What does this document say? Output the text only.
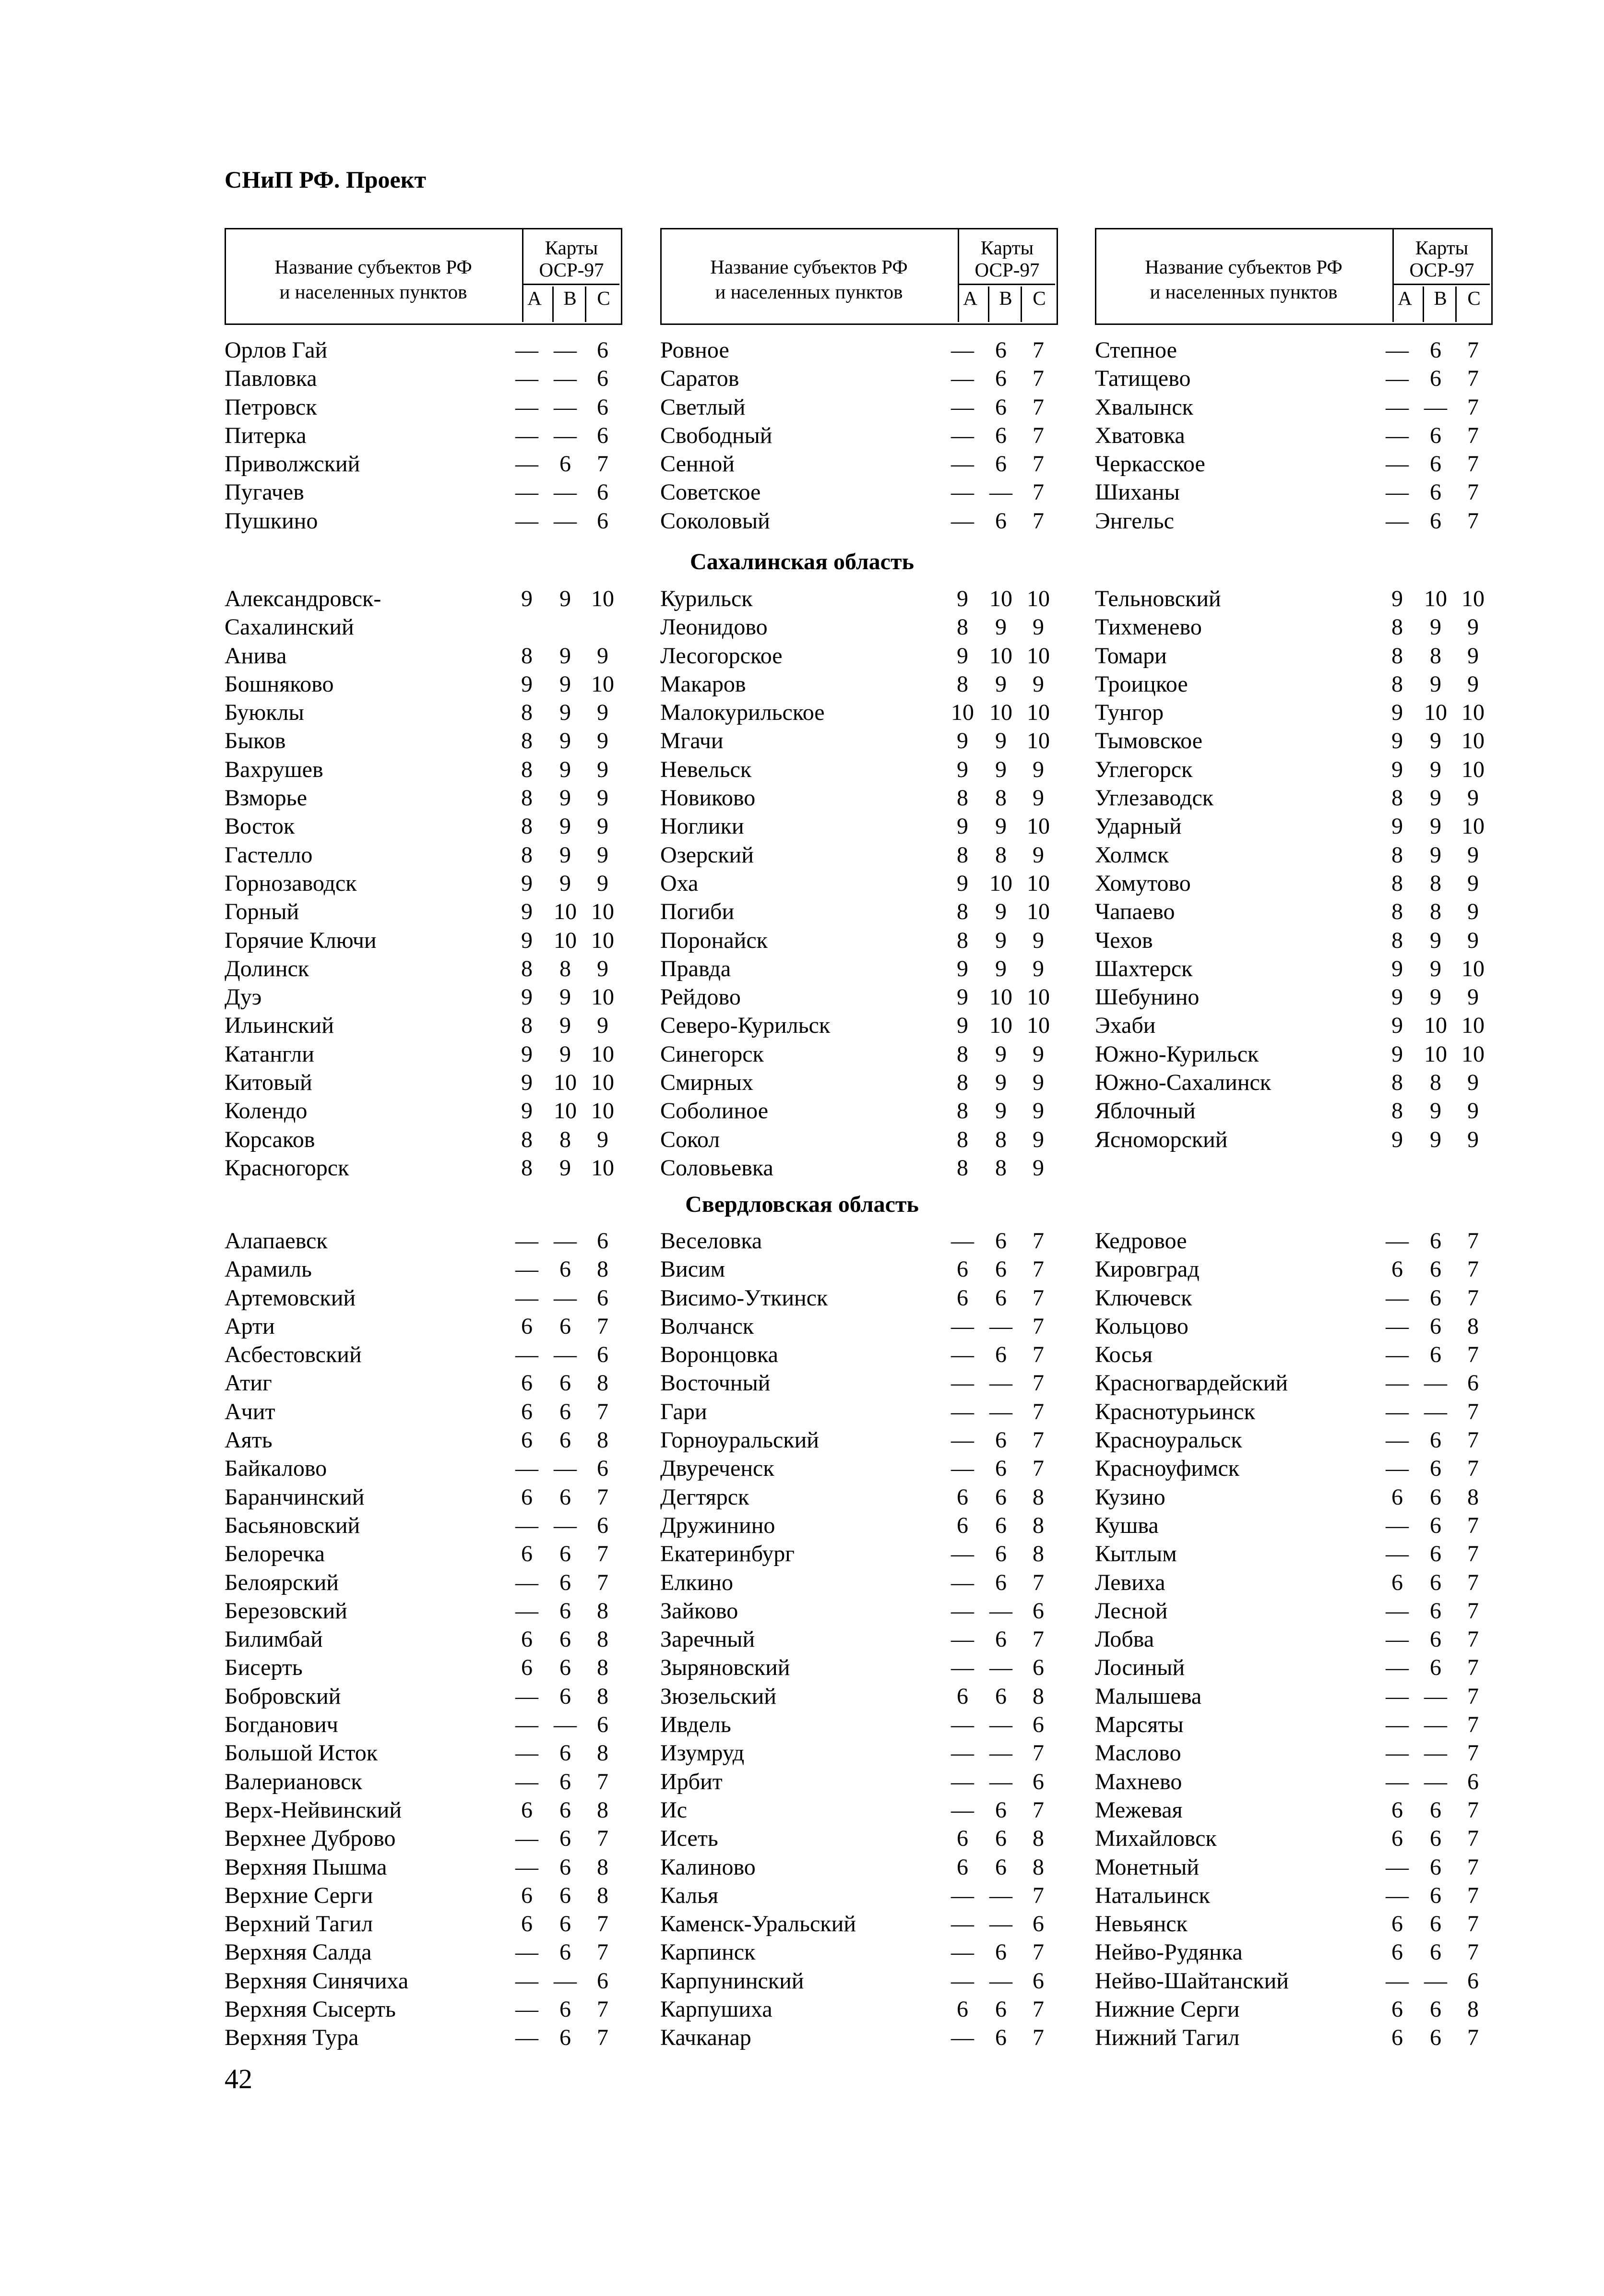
СНиП РФ. Проект
Название субъектов РФ
и населенных пунктов
Карты
ОСР-97
A B C
Название субъектов РФ
и населенных пунктов
Карты
ОСР-97
A B C
Название субъектов РФ
и населенных пунктов
Карты
ОСР-97
A B C
Орлов Гай	— — 6
Павловка	— — 6
Петровск	— — 6
Питерка	— — 6
Приволжский	— 6	7
Пугачев	— — 6
Пушкино	— — 6
Ровное	— 6	7
Саратов	— 6	7
Светлый	— 6	7
Свободный	— 6	7
Сенной	— 6	7
Советское	— — 7
Соколовый	— 6	7
Степное	— 6	7
Татищево	— 6	7
Хвалынск	— — 7
Хватовка	— 6	7
Черкасское	— 6	7
Шиханы	— 6	7
Энгельс	— 6	7
Сахалинская область
Александровск-	9	9 10
Сахалинский
Анива	8	9	9
Бошняково	9	9 10
Буюклы	8	9	9
Быков	8	9	9
Вахрушев	8	9	9
Взморье	8	9	9
Восток	8	9	9
Гастелло	8	9	9
Горнозаводск	9	9	9
Горный	9 10 10
Горячие Ключи	9 10 10
Долинск	8	8	9
Дуэ	9	9 10
Ильинский	8	9	9
Катангли	9	9 10
Китовый	9 10 10
Колендо	9 10 10
Корсаков	8	8	9
Красногорск	8	9 10
Курильск	9 10 10
Леонидово	8	9	9
Лесогорское	9 10 10
Макаров	8	9	9
Малокурильское	10 10 10
Мгачи	9	9 10
Невельск	9	9	9
Новиково	8	8	9
Ноглики	9	9 10
Озерский	8	8	9
Оха	9 10 10
Погиби	8	9 10
Поронайск	8	9	9
Правда	9	9	9
Рейдово	9 10 10
Северо-Курильск	9 10 10
Синегорск	8	9	9
Смирных	8	9	9
Соболиное	8	9	9
Сокол	8	8	9
Соловьевка	8	8	9
Тельновский	9 10 10
Тихменево	8	9	9
Томари	8	8	9
Троицкое	8	9	9
Тунгор	9 10 10
Тымовское	9	9 10
Углегорск	9	9 10
Углезаводск	8	9	9
Ударный	9	9 10
Холмск	8	9	9
Хомутово	8	8	9
Чапаево	8	8	9
Чехов	8	9	9
Шахтерск	9	9 10
Шебунино	9	9	9
Эхаби	9 10 10
Южно-Курильск	9 10 10
Южно-Сахалинск	8	8	9
Яблочный	8	9	9
Ясноморский	9	9	9
Свердловская область
Алапаевск	— — 6
Арамиль	— 6	8
Артемовский	— — 6
Арти	6	6	7
Асбестовский	— — 6
Атиг	6	6	8
Ачит	6	6	7
Аять	6	6	8
Байкалово	— — 6
Баранчинский	6	6	7
Басьяновский	— — 6
Белоречка	6	6	7
Белоярский	— 6	7
Березовский	— 6	8
Билимбай	6	6	8
Бисерть	6	6	8
Бобровский	— 6	8
Богданович	— — 6
Большой Исток	— 6	8
Валериановск	— 6	7
Верх-Нейвинский	6	6	8
Верхнее Дуброво	— 6	7
Верхняя Пышма	— 6	8
Верхние Серги	6	6	8
Верхний Тагил	6	6	7
Верхняя Салда	— 6	7
Верхняя Синячиха	— — 6
Верхняя Сысерть	— 6	7
Верхняя Тура	— 6	7
Веселовка	— 6	7
Висим	6	6	7
Висимо-Уткинск	6	6	7
Волчанск	— — 7
Воронцовка	— 6	7
Восточный	— — 7
Гари	— — 7
Горноуральский	— 6	7
Двуреченск	— 6	7
Дегтярск	6	6	8
Дружинино	6	6	8
Екатеринбург	— 6	8
Елкино	— 6	7
Зайково	— — 6
Заречный	— 6	7
Зыряновский	— — 6
Зюзельский	6	6	8
Ивдель	— — 6
Изумруд	— — 7
Ирбит	— — 6
Ис	— 6	7
Исеть	6	6	8
Калиново	6	6	8
Калья	— — 7
Каменск-Уральский	— — 6
Карпинск	— 6	7
Карпунинский	— — 6
Карпушиха	6	6	7
Качканар	— 6	7
Кедровое	— 6	7
Кировград	6	6	7
Ключевск	— 6	7
Кольцово	— 6	8
Косья	— 6	7
Красногвардейский	— — 6
Краснотурьинск	— — 7
Красноуральск	— 6	7
Красноуфимск	— 6	7
Кузино	6	6	8
Кушва	— 6	7
Кытлым	— 6	7
Левиха	6	6	7
Лесной	— 6	7
Лобва	— 6	7
Лосиный	— 6	7
Малышева	— — 7
Марсяты	— — 7
Маслово	— — 7
Махнево	— — 6
Межевая	6	6	7
Михайловск	6	6	7
Монетный	— 6	7
Натальинск	— 6	7
Невьянск	6	6	7
Нейво-Рудянка	6	6	7
Нейво-Шайтанский	— — 6
Нижние Серги	6	6	8
Нижний Тагил	6	6	7
42
